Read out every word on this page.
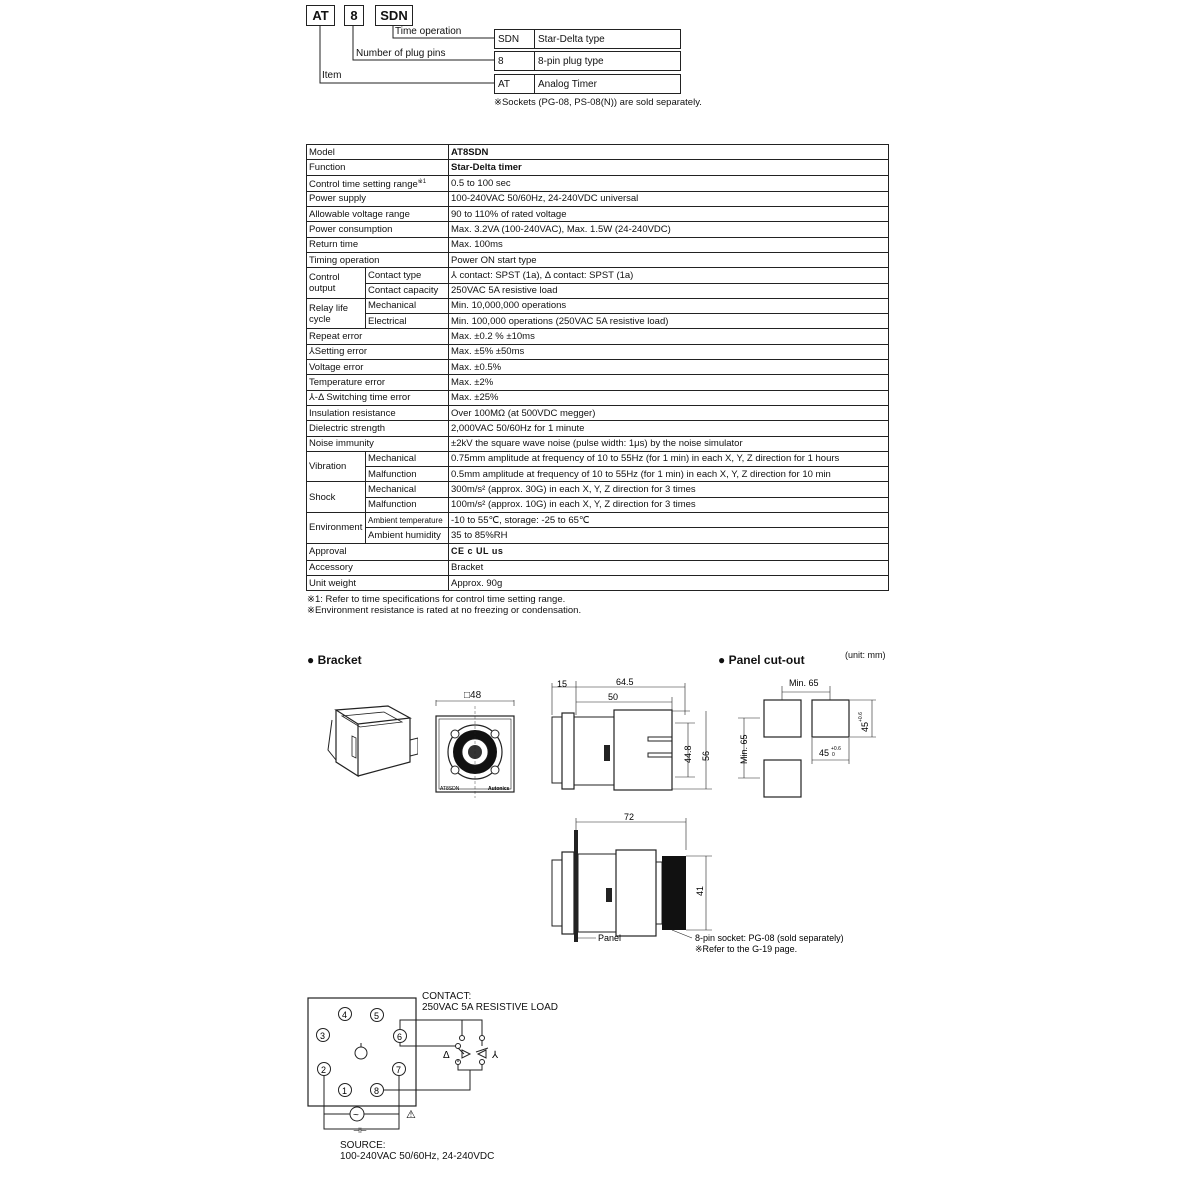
AT	8	SDN
Time operation
Number of plug pins
Item
SDN	Star-Delta type
8	8-pin plug type
AT	Analog Timer
※Sockets (PG-08, PS-08(N)) are sold separately.
Model		AT8SDN
Function		Star-Delta timer
Control time setting range$^{※1}$		0.5 to 100 sec
Power supply		100-240VAC 50/60Hz, 24-240VDC universal
Allowable voltage range		90 to 110% of rated voltage
Power consumption		Max. 3.2VA (100-240VAC), Max. 1.5W (24-240VDC)
Return time		Max. 100ms
Timing operation		Power ON start type
Control output	Contact type	⅄ contact: SPST (1a), Δ contact: SPST (1a)
	Contact capacity	250VAC 5A resistive load
Relay life cycle	Mechanical	Min. 10,000,000 operations
	Electrical	Min. 100,000 operations (250VAC 5A resistive load)
Repeat error		Max. ±0.2 % ±10ms
⅄Setting error		Max. ±5% ±50ms
Voltage error		Max. ±0.5%
Temperature error		Max. ±2%
⅄-Δ Switching time error		Max. ±25%
Insulation resistance		Over 100MΩ (at 500VDC megger)
Dielectric strength		2,000VAC 50/60Hz for 1 minute
Noise immunity		±2kV the square wave noise (pulse width: 1μs) by the noise simulator
Vibration	Mechanical	0.75mm amplitude at frequency of 10 to 55Hz (for 1 min) in each X, Y, Z direction for 1 hours
	Malfunction	0.5mm amplitude at frequency of 10 to 55Hz (for 1 min) in each X, Y, Z direction for 10 min
Shock	Mechanical	300m/s² (approx. 30G) in each X, Y, Z direction for 3 times
	Malfunction	100m/s² (approx. 10G) in each X, Y, Z direction for 3 times
Environment	Ambient temperature	-10 to 55℃, storage: -25 to 65℃
	Ambient humidity	35 to 85%RH
Approval		CE c UL us
Accessory		Bracket
Unit weight		Approx. 90g
※1: Refer to time specifications for control time setting range.
※Environment resistance is rated at no freezing or condensation.
● Bracket	● Panel cut-out	(unit: mm)
□48
AT8SDN	Autonics
15	64.5
50
44.8 56
72
41
Panel	8-pin socket: PG-08 (sold separately)
※Refer to the G-19 page.
Min. 65
Min. 65
45
+0.6
45 +0.6
0
CONTACT:
250VAC 5A RESISTIVE LOAD
4	5
3	6
2	7
1	8
Δ	⅄
~
⊣⊢
⚠
SOURCE:
100-240VAC 50/60Hz, 24-240VDC
